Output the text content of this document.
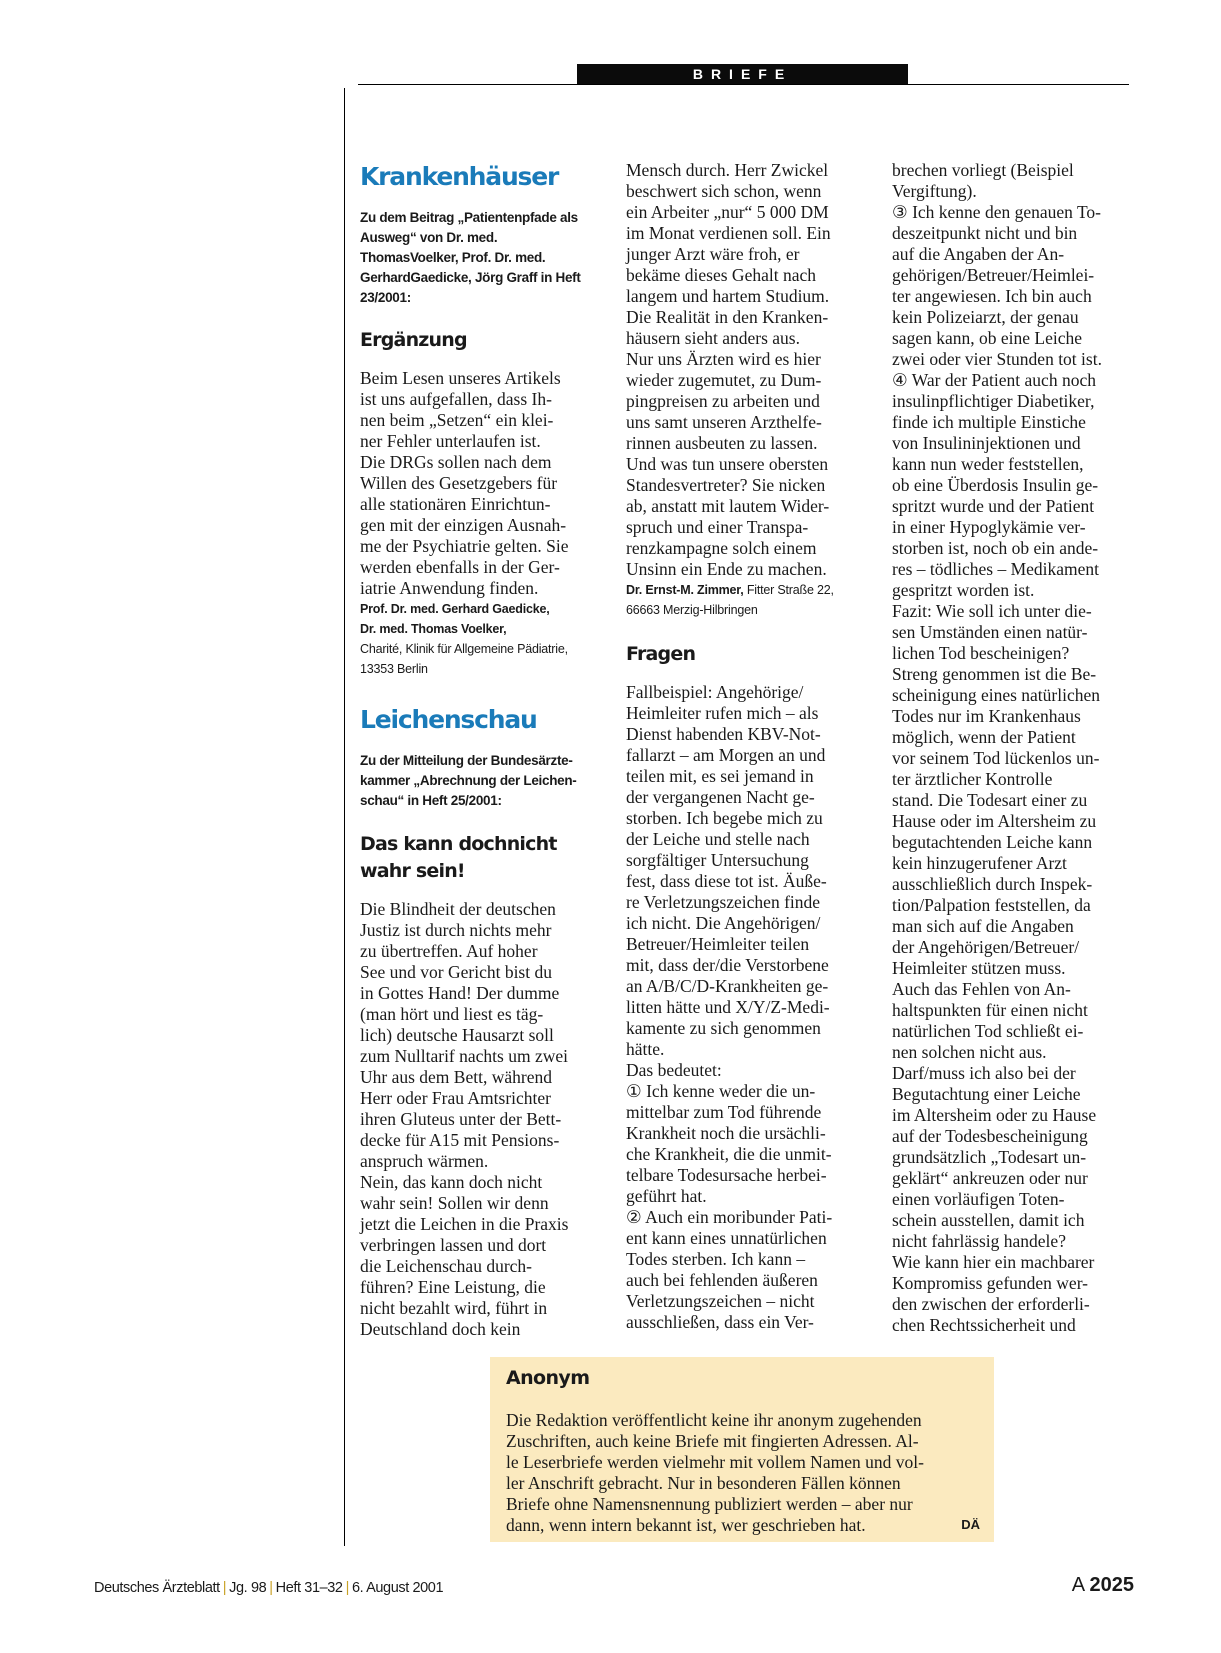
BRIEFE
Krankenhäuser
Zu dem Beitrag „Patientenpfade als Ausweg“ von Dr. med. ThomasVoelker, Prof. Dr. med. GerhardGaedicke, Jörg Graff in Heft 23/2001:
Ergänzung
Beim Lesen unseres Artikels
ist uns aufgefallen, dass Ih-
nen beim „Setzen“ ein klei-
ner Fehler unterlaufen ist.
Die DRGs sollen nach dem
Willen des Gesetzgebers für
alle stationären Einrichtun-
gen mit der einzigen Ausnah-
me der Psychiatrie gelten. Sie
werden ebenfalls in der Ger-
iatrie Anwendung finden.
Prof. Dr. med. Gerhard Gaedicke,
Dr. med. Thomas Voelker,
Charité, Klinik für Allgemeine Pädiatrie,
13353 Berlin
Leichenschau
Zu der Mitteilung der Bundesärzte-kammer „Abrechnung der Leichen-schau“ in Heft 25/2001:
Das kann dochnicht wahr sein!
Die Blindheit der deutschen
Justiz ist durch nichts mehr
zu übertreffen. Auf hoher
See und vor Gericht bist du
in Gottes Hand! Der dumme
(man hört und liest es täg-
lich) deutsche Hausarzt soll
zum Nulltarif nachts um zwei
Uhr aus dem Bett, während
Herr oder Frau Amtsrichter
ihren Gluteus unter der Bett-
decke für A15 mit Pensions-
anspruch wärmen.
Nein, das kann doch nicht
wahr sein! Sollen wir denn
jetzt die Leichen in die Praxis
verbringen lassen und dort
die Leichenschau durch-
führen? Eine Leistung, die
nicht bezahlt wird, führt in
Deutschland doch kein
Mensch durch. Herr Zwickel
beschwert sich schon, wenn
ein Arbeiter „nur“ 5 000 DM
im Monat verdienen soll. Ein
junger Arzt wäre froh, er
bekäme dieses Gehalt nach
langem und hartem Studium.
Die Realität in den Kranken-
häusern sieht anders aus.
Nur uns Ärzten wird es hier
wieder zugemutet, zu Dum-
pingpreisen zu arbeiten und
uns samt unseren Arzthelfe-
rinnen ausbeuten zu lassen.
Und was tun unsere obersten
Standesvertreter? Sie nicken
ab, anstatt mit lautem Wider-
spruch und einer Transpa-
renzkampagne solch einem
Unsinn ein Ende zu machen.
Dr. Ernst-M. Zimmer, Fitter Straße 22,
66663 Merzig-Hilbringen
Fragen
Fallbeispiel: Angehörige/
Heimleiter rufen mich – als
Dienst habenden KBV-Not-
fallarzt – am Morgen an und
teilen mit, es sei jemand in
der vergangenen Nacht ge-
storben. Ich begebe mich zu
der Leiche und stelle nach
sorgfältiger Untersuchung
fest, dass diese tot ist. Äuße-
re Verletzungszeichen finde
ich nicht. Die Angehörigen/
Betreuer/Heimleiter teilen
mit, dass der/die Verstorbene
an A/B/C/D-Krankheiten ge-
litten hätte und X/Y/Z-Medi-
kamente zu sich genommen
hätte.
Das bedeutet:
① Ich kenne weder die un-
mittelbar zum Tod führende
Krankheit noch die ursächli-
che Krankheit, die die unmit-
telbare Todesursache herbei-
geführt hat.
② Auch ein moribunder Pati-
ent kann eines unnatürlichen
Todes sterben. Ich kann –
auch bei fehlenden äußeren
Verletzungszeichen – nicht
ausschließen, dass ein Ver-
brechen vorliegt (Beispiel
Vergiftung).
③ Ich kenne den genauen To-
deszeitpunkt nicht und bin
auf die Angaben der An-
gehörigen/Betreuer/Heimlei-
ter angewiesen. Ich bin auch
kein Polizeiarzt, der genau
sagen kann, ob eine Leiche
zwei oder vier Stunden tot ist.
④ War der Patient auch noch
insulinpflichtiger Diabetiker,
finde ich multiple Einstiche
von Insulininjektionen und
kann nun weder feststellen,
ob eine Überdosis Insulin ge-
spritzt wurde und der Patient
in einer Hypoglykämie ver-
storben ist, noch ob ein ande-
res – tödliches – Medikament
gespritzt worden ist.
Fazit: Wie soll ich unter die-
sen Umständen einen natür-
lichen Tod bescheinigen?
Streng genommen ist die Be-
scheinigung eines natürlichen
Todes nur im Krankenhaus
möglich, wenn der Patient
vor seinem Tod lückenlos un-
ter ärztlicher Kontrolle
stand. Die Todesart einer zu
Hause oder im Altersheim zu
begutachtenden Leiche kann
kein hinzugerufener Arzt
ausschließlich durch Inspek-
tion/Palpation feststellen, da
man sich auf die Angaben
der Angehörigen/Betreuer/
Heimleiter stützen muss.
Auch das Fehlen von An-
haltspunkten für einen nicht
natürlichen Tod schließt ei-
nen solchen nicht aus.
Darf/muss ich also bei der
Begutachtung einer Leiche
im Altersheim oder zu Hause
auf der Todesbescheinigung
grundsätzlich „Todesart un-
geklärt“ ankreuzen oder nur
einen vorläufigen Toten-
schein ausstellen, damit ich
nicht fahrlässig handele?
Wie kann hier ein machbarer
Kompromiss gefunden wer-
den zwischen der erforderli-
chen Rechtssicherheit und
Anonym
Die Redaktion veröffentlicht keine ihr anonym zugehenden
Zuschriften, auch keine Briefe mit fingierten Adressen. Al-
le Leserbriefe werden vielmehr mit vollem Namen und vol-
ler Anschrift gebracht. Nur in besonderen Fällen können
Briefe ohne Namensnennung publiziert werden – aber nur
dann, wenn intern bekannt ist, wer geschrieben hat.	DÄ
Deutsches Ärzteblatt | Jg. 98 | Heft 31–32 | 6. August 2001	A 2025
